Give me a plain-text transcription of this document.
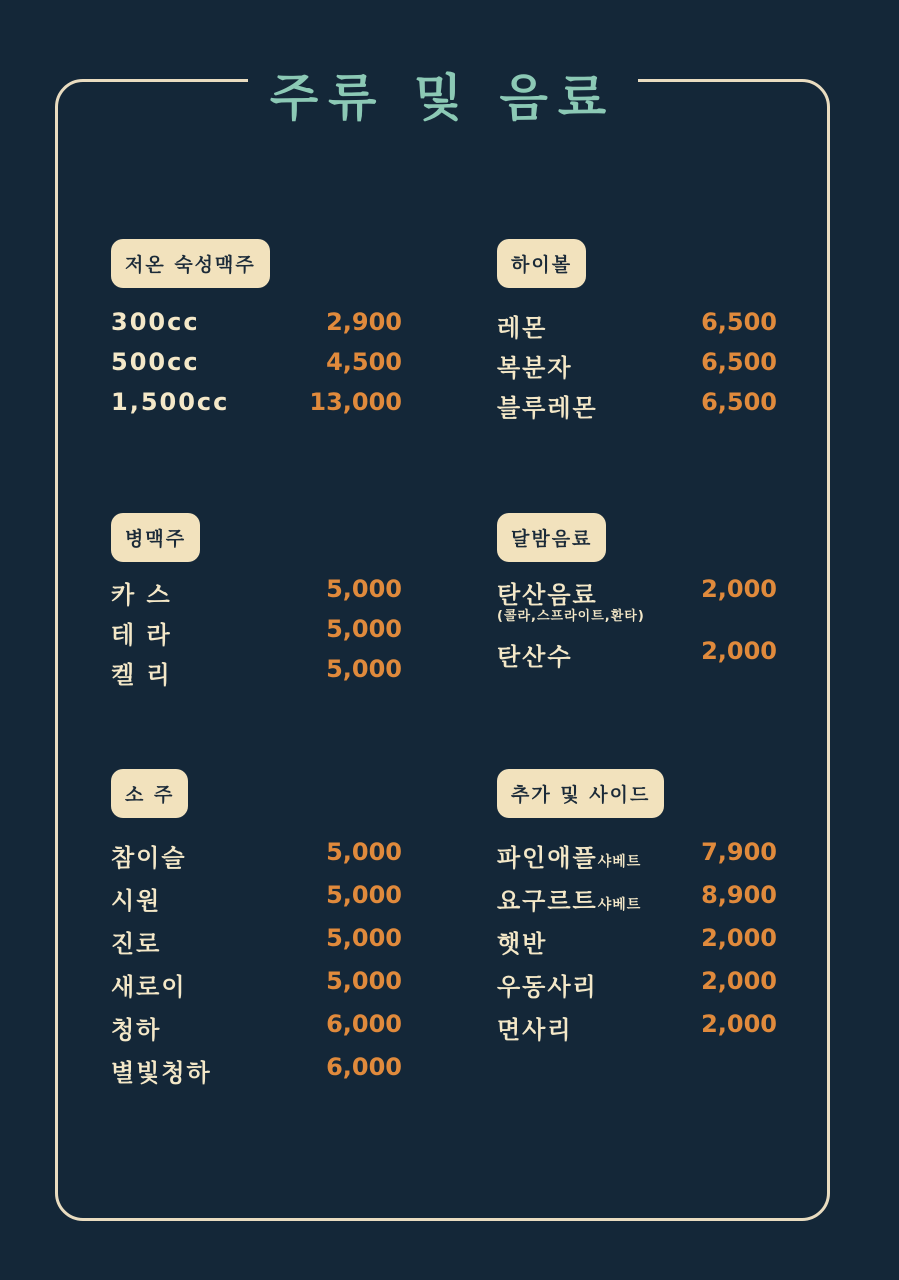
주류 및 음료
저온 숙성맥주
300cc	2,900
500cc	4,500
1,500cc	13,000
하이볼
레몬	6,500
복분자	6,500
블루레몬	6,500
병맥주
카 스	5,000
테 라	5,000
켈 리	5,000
달밤음료
탄산음료	2,000
(콜라,스프라이트,환타)
탄산수	2,000
소 주
참이슬	5,000
시원	5,000
진로	5,000
새로이	5,000
청하	6,000
별빛청하	6,000
추가 및 사이드
파인애플샤베트 7,900
요구르트샤베트 8,900
햇반	2,000
우동사리	2,000
면사리	2,000
